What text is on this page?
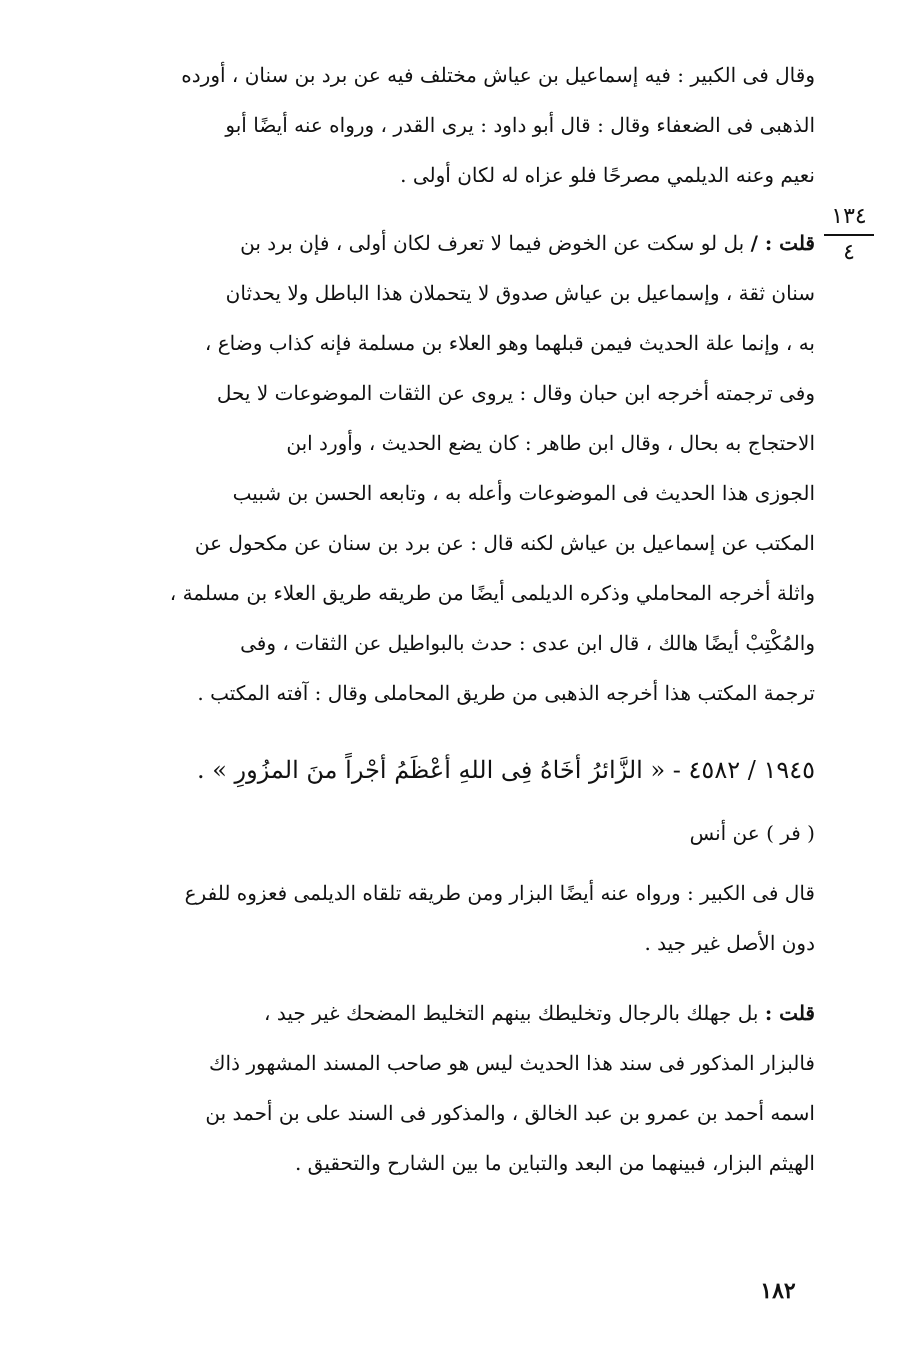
١٣٤
٤
وقال فى الكبير : فيه إسماعيل بن عياش مختلف فيه عن برد بن سنان ، أورده
الذهبى فى الضعفاء وقال : قال أبو داود : يرى القدر ، ورواه عنه أيضًا أبو
نعيم وعنه الديلمي مصرحًا فلو عزاه له لكان أولى .
قلت : / بل لو سكت عن الخوض فيما لا تعرف لكان أولى ، فإن برد بن
سنان ثقة ، وإسماعيل بن عياش صدوق لا يتحملان هذا الباطل ولا يحدثان
به ، وإنما علة الحديث فيمن قبلهما وهو العلاء بن مسلمة فإنه كذاب وضاع ،
وفى ترجمته أخرجه ابن حبان وقال : يروى عن الثقات الموضوعات لا يحل
الاحتجاج به بحال ، وقال ابن طاهر : كان يضع الحديث ، وأورد ابن
الجوزى هذا الحديث فى الموضوعات وأعله به ، وتابعه الحسن بن شبيب
المكتب عن إسماعيل بن عياش لكنه قال : عن برد بن سنان عن مكحول عن
واثلة أخرجه المحاملي وذكره الديلمى أيضًا من طريقه طريق العلاء بن مسلمة ،
والمُكْتِبْ أيضًا هالك ، قال ابن عدى : حدث بالبواطيل عن الثقات ، وفى
ترجمة المكتب هذا أخرجه الذهبى من طريق المحاملى وقال : آفته المكتب .
١٩٤٥ / ٤٥٨٢ - « الزَّائرُ أخَاهُ فِى اللهِ أعْظَمُ أجْراً منَ المزُورِ » .
( فر ) عن أنس
قال فى الكبير : ورواه عنه أيضًا البزار ومن طريقه تلقاه الديلمى فعزوه للفرع
دون الأصل غير جيد .
قلت : بل جهلك بالرجال وتخليطك بينهم التخليط المضحك غير جيد ،
فالبزار المذكور فى سند هذا الحديث ليس هو صاحب المسند المشهور ذاك
اسمه أحمد بن عمرو بن عبد الخالق ، والمذكور فى السند على بن أحمد بن
الهيثم البزار، فبينهما من البعد والتباين ما بين الشارح والتحقيق .
١٨٢
